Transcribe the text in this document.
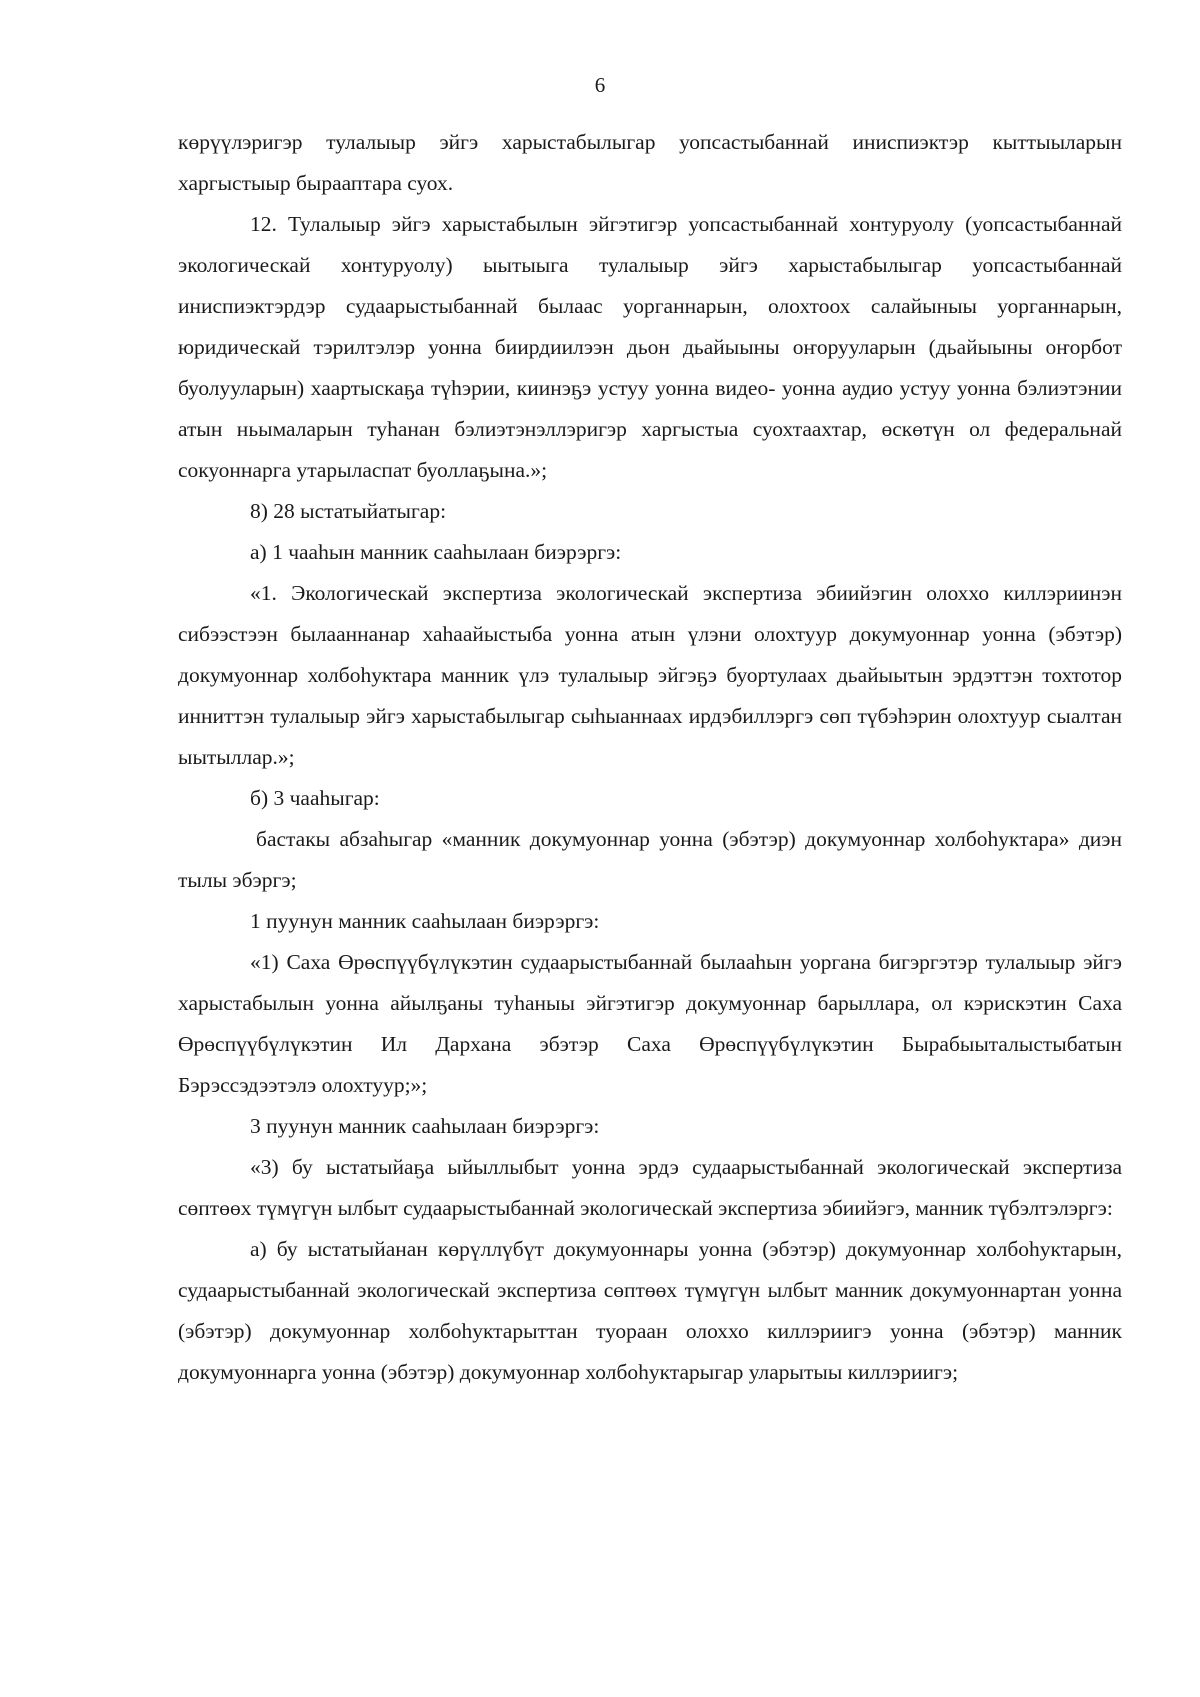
6

көрүүлэригэр тулалыыр эйгэ харыстабылыгар уопсастыбаннай иниспиэктэр кыттыыларын харгыстыыр бырааптара суох.

12. Тулалыыр эйгэ харыстабылын эйгэтигэр уопсастыбаннай хонтуруолу (уопсастыбаннай экологическай хонтуруолу) ыытыыга тулалыыр эйгэ харыстабылыгар уопсастыбаннай иниспиэктэрдэр судаарыстыбаннай былаас уорганнарын, олохтоох салайыныы уорганнарын, юридическай тэрилтэлэр уонна биирдиилээн дьон дьайыыны оҥорууларын (дьайыыны оҥорбот буолууларын) хаартыскаҕа түһэрии, киинэҕэ устуу уонна видео- уонна аудио устуу уонна бэлиэтэнии атын ньымаларын туһанан бэлиэтэнэллэригэр харгыстыа суохтаахтар, өскөтүн ол федеральнай сокуоннарга утарыласпат буоллаҕына.»;

8) 28 ыстатыйатыгар:

а) 1 чааһын манник сааһылаан биэрэргэ:

«1. Экологическай экспертиза экологическай экспертиза эбиийэгин олоххо киллэриинэн сибээстээн былааннанар хаһаайыстыба уонна атын үлэни олохтуур докумуоннар уонна (эбэтэр) докумуоннар холбоһуктара манник үлэ тулалыыр эйгэҕэ буортулаах дьайыытын эрдэттэн тохтотор инниттэн тулалыыр эйгэ харыстабылыгар сыһыаннаах ирдэбиллэргэ сөп түбэһэрин олохтуур сыалтан ыытыллар.»;

б) 3 чааһыгар:

бастакы абзаһыгар «манник докумуоннар уонна (эбэтэр) докумуоннар холбоһуктара» диэн тылы эбэргэ;

1 пуунун манник сааһылаан биэрэргэ:

«1) Саха Өрөспүүбүлүкэтин судаарыстыбаннай былааһын уоргана бигэргэтэр тулалыыр эйгэ харыстабылын уонна айылҕаны туһаныы эйгэтигэр докумуоннар барыллара, ол кэрискэтин Саха Өрөспүүбүлүкэтин Ил Дархана эбэтэр Саха Өрөспүүбүлүкэтин Бырабыыталыстыбатын Бэрэссэдээтэлэ олохтуур;»;

3 пуунун манник сааһылаан биэрэргэ:

«3) бу ыстатыйаҕа ыйыллыбыт уонна эрдэ судаарыстыбаннай экологическай экспертиза сөптөөх түмүгүн ылбыт судаарыстыбаннай экологическай экспертиза эбиийэгэ, манник түбэлтэлэргэ:

а) бу ыстатыйанан көрүллүбүт докумуоннары уонна (эбэтэр) докумуоннар холбоһуктарын, судаарыстыбаннай экологическай экспертиза сөптөөх түмүгүн ылбыт манник докумуоннартан уонна (эбэтэр) докумуоннар холбоһуктарыттан туораан олоххо киллэриигэ уонна (эбэтэр) манник докумуоннарга уонна (эбэтэр) докумуоннар холбоһуктарыгар уларытыы киллэриигэ;
